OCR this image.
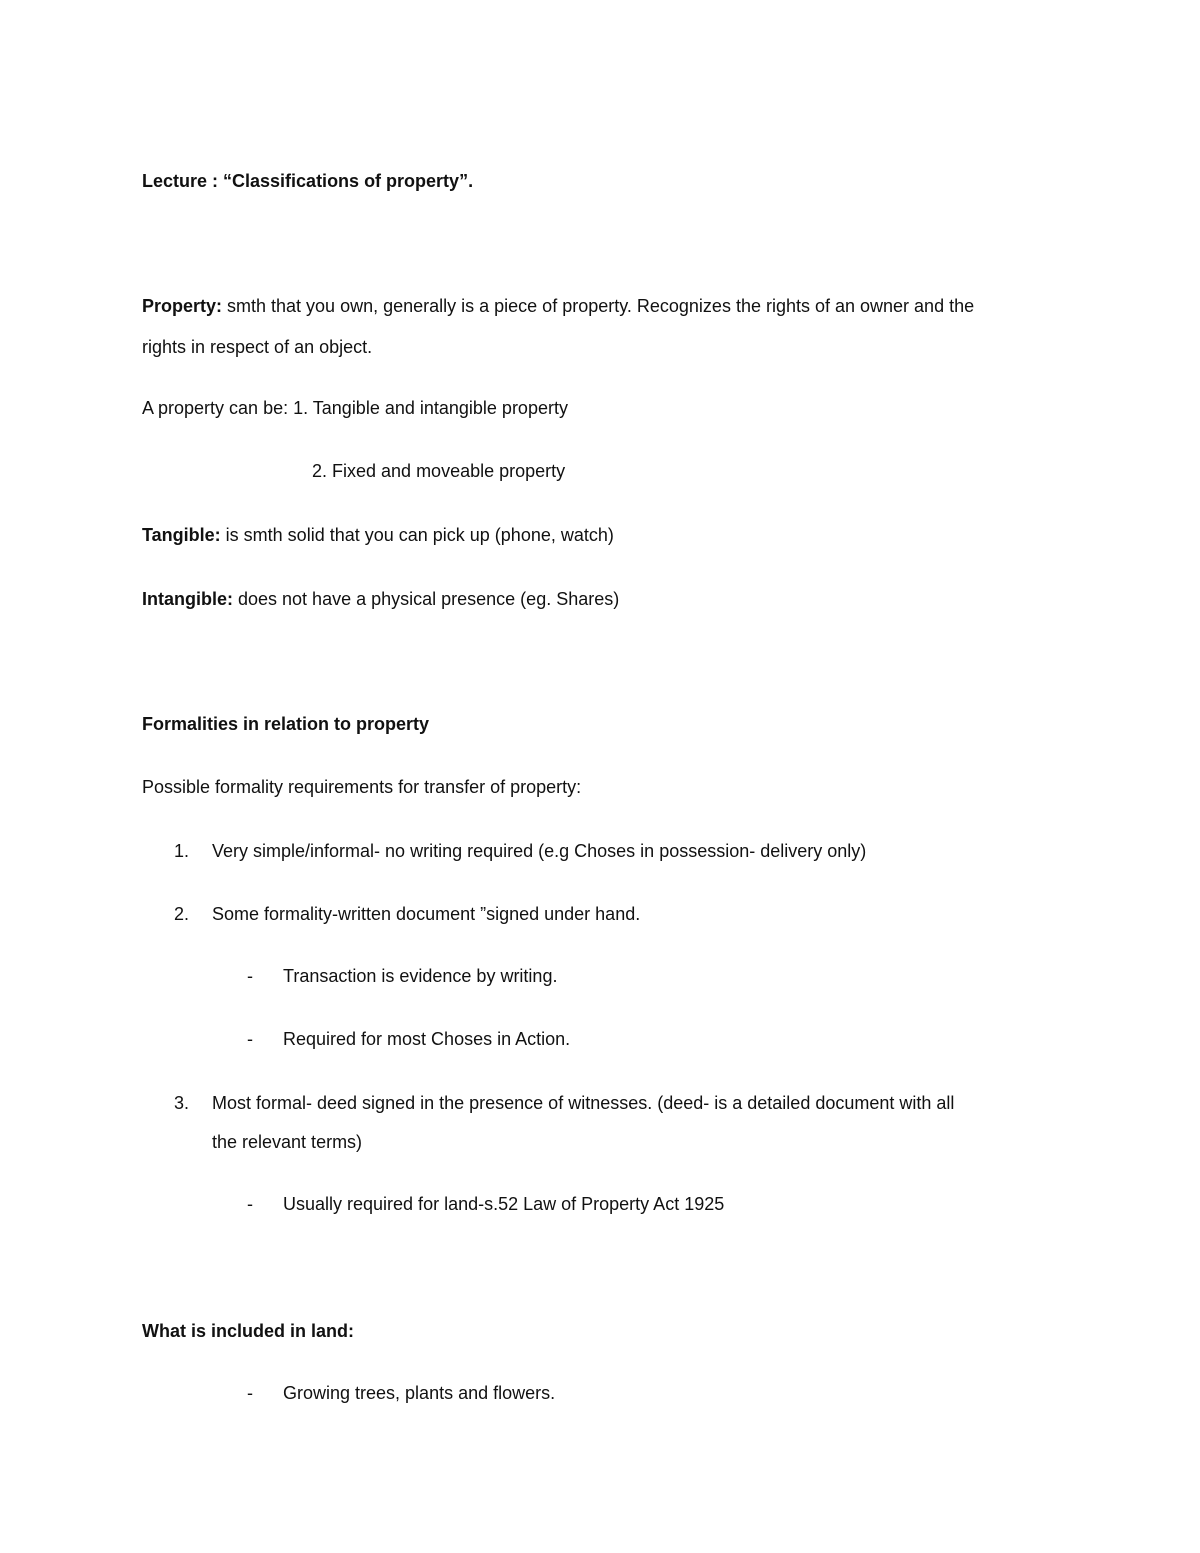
Lecture : “Classifications of property”.
Property: smth that you own, generally is a piece of property. Recognizes the rights of an owner and the
rights in respect of an object.
A property can be: 1. Tangible and intangible property
2. Fixed and moveable property
Tangible: is smth solid that you can pick up (phone, watch)
Intangible: does not have a physical presence (eg. Shares)
Formalities in relation to property
Possible formality requirements for transfer of property:
1. Very simple/informal- no writing required (e.g Choses in possession- delivery only)
2. Some formality-written document ”signed under hand.
- Transaction is evidence by writing.
- Required for most Choses in Action.
3. Most formal- deed signed in the presence of witnesses. (deed- is a detailed document with all
the relevant terms)
- Usually required for land-s.52 Law of Property Act 1925
What is included in land:
- Growing trees, plants and flowers.
